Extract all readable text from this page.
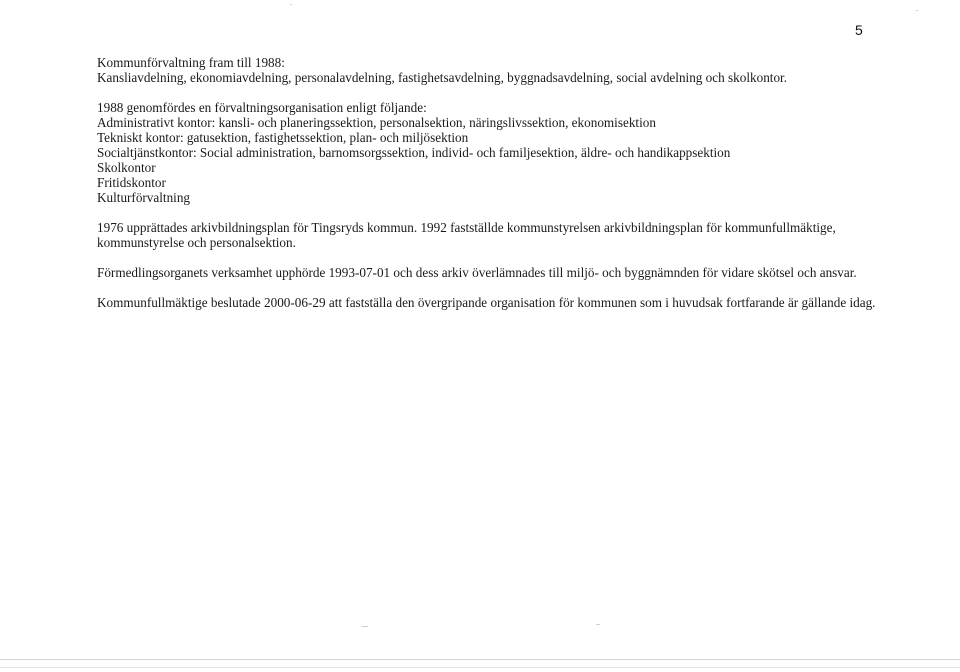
5
Kommunförvaltning fram till 1988:
Kansliavdelning, ekonomiavdelning, personalavdelning, fastighetsavdelning, byggnadsavdelning, social avdelning och skolkontor.
1988 genomfördes en förvaltningsorganisation enligt följande:
Administrativt kontor: kansli- och planeringssektion, personalsektion, näringslivssektion, ekonomisektion
Tekniskt kontor: gatusektion, fastighetssektion, plan- och miljösektion
Socialtjänstkontor: Social administration, barnomsorgssektion, individ- och familjesektion, äldre- och handikappsektion
Skolkontor
Fritidskontor
Kulturförvaltning
1976 upprättades arkivbildningsplan för Tingsryds kommun. 1992 fastställde kommunstyrelsen arkivbildningsplan för kommunfullmäktige, kommunstyrelse och personalsektion.
Förmedlingsorganets verksamhet upphörde 1993-07-01 och dess arkiv överlämnades till miljö- och byggnämnden för vidare skötsel och ansvar.
Kommunfullmäktige beslutade 2000-06-29 att fastställa den övergripande organisation för kommunen som i huvudsak fortfarande är gällande idag.
